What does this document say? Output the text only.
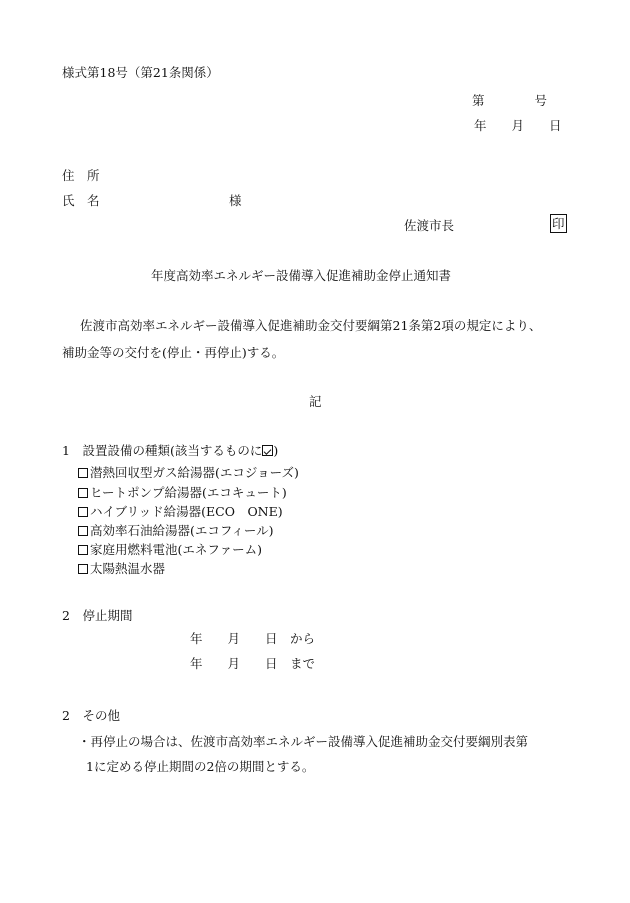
様式第18号（第21条関係）
第　　　　号
年　　月　　日
住　所
氏　名	様
佐渡市長	印
年度高効率エネルギー設備導入促進補助金停止通知書
佐渡市高効率エネルギー設備導入促進補助金交付要綱第21条第2項の規定により、
補助金等の交付を(停止・再停止)する。
記
1　設置設備の種類(該当するものに )
潜熱回収型ガス給湯器(エコジョーズ)
ヒートポンプ給湯器(エコキュート)
ハイブリッド給湯器(ECO　ONE)
高効率石油給湯器(エコフィール)
家庭用燃料電池(エネファーム)
太陽熱温水器
2　停止期間
年　　月　　日　から
年　　月　　日　まで
2　その他
・再停止の場合は、佐渡市高効率エネルギー設備導入促進補助金交付要綱別表第
1に定める停止期間の2倍の期間とする。
